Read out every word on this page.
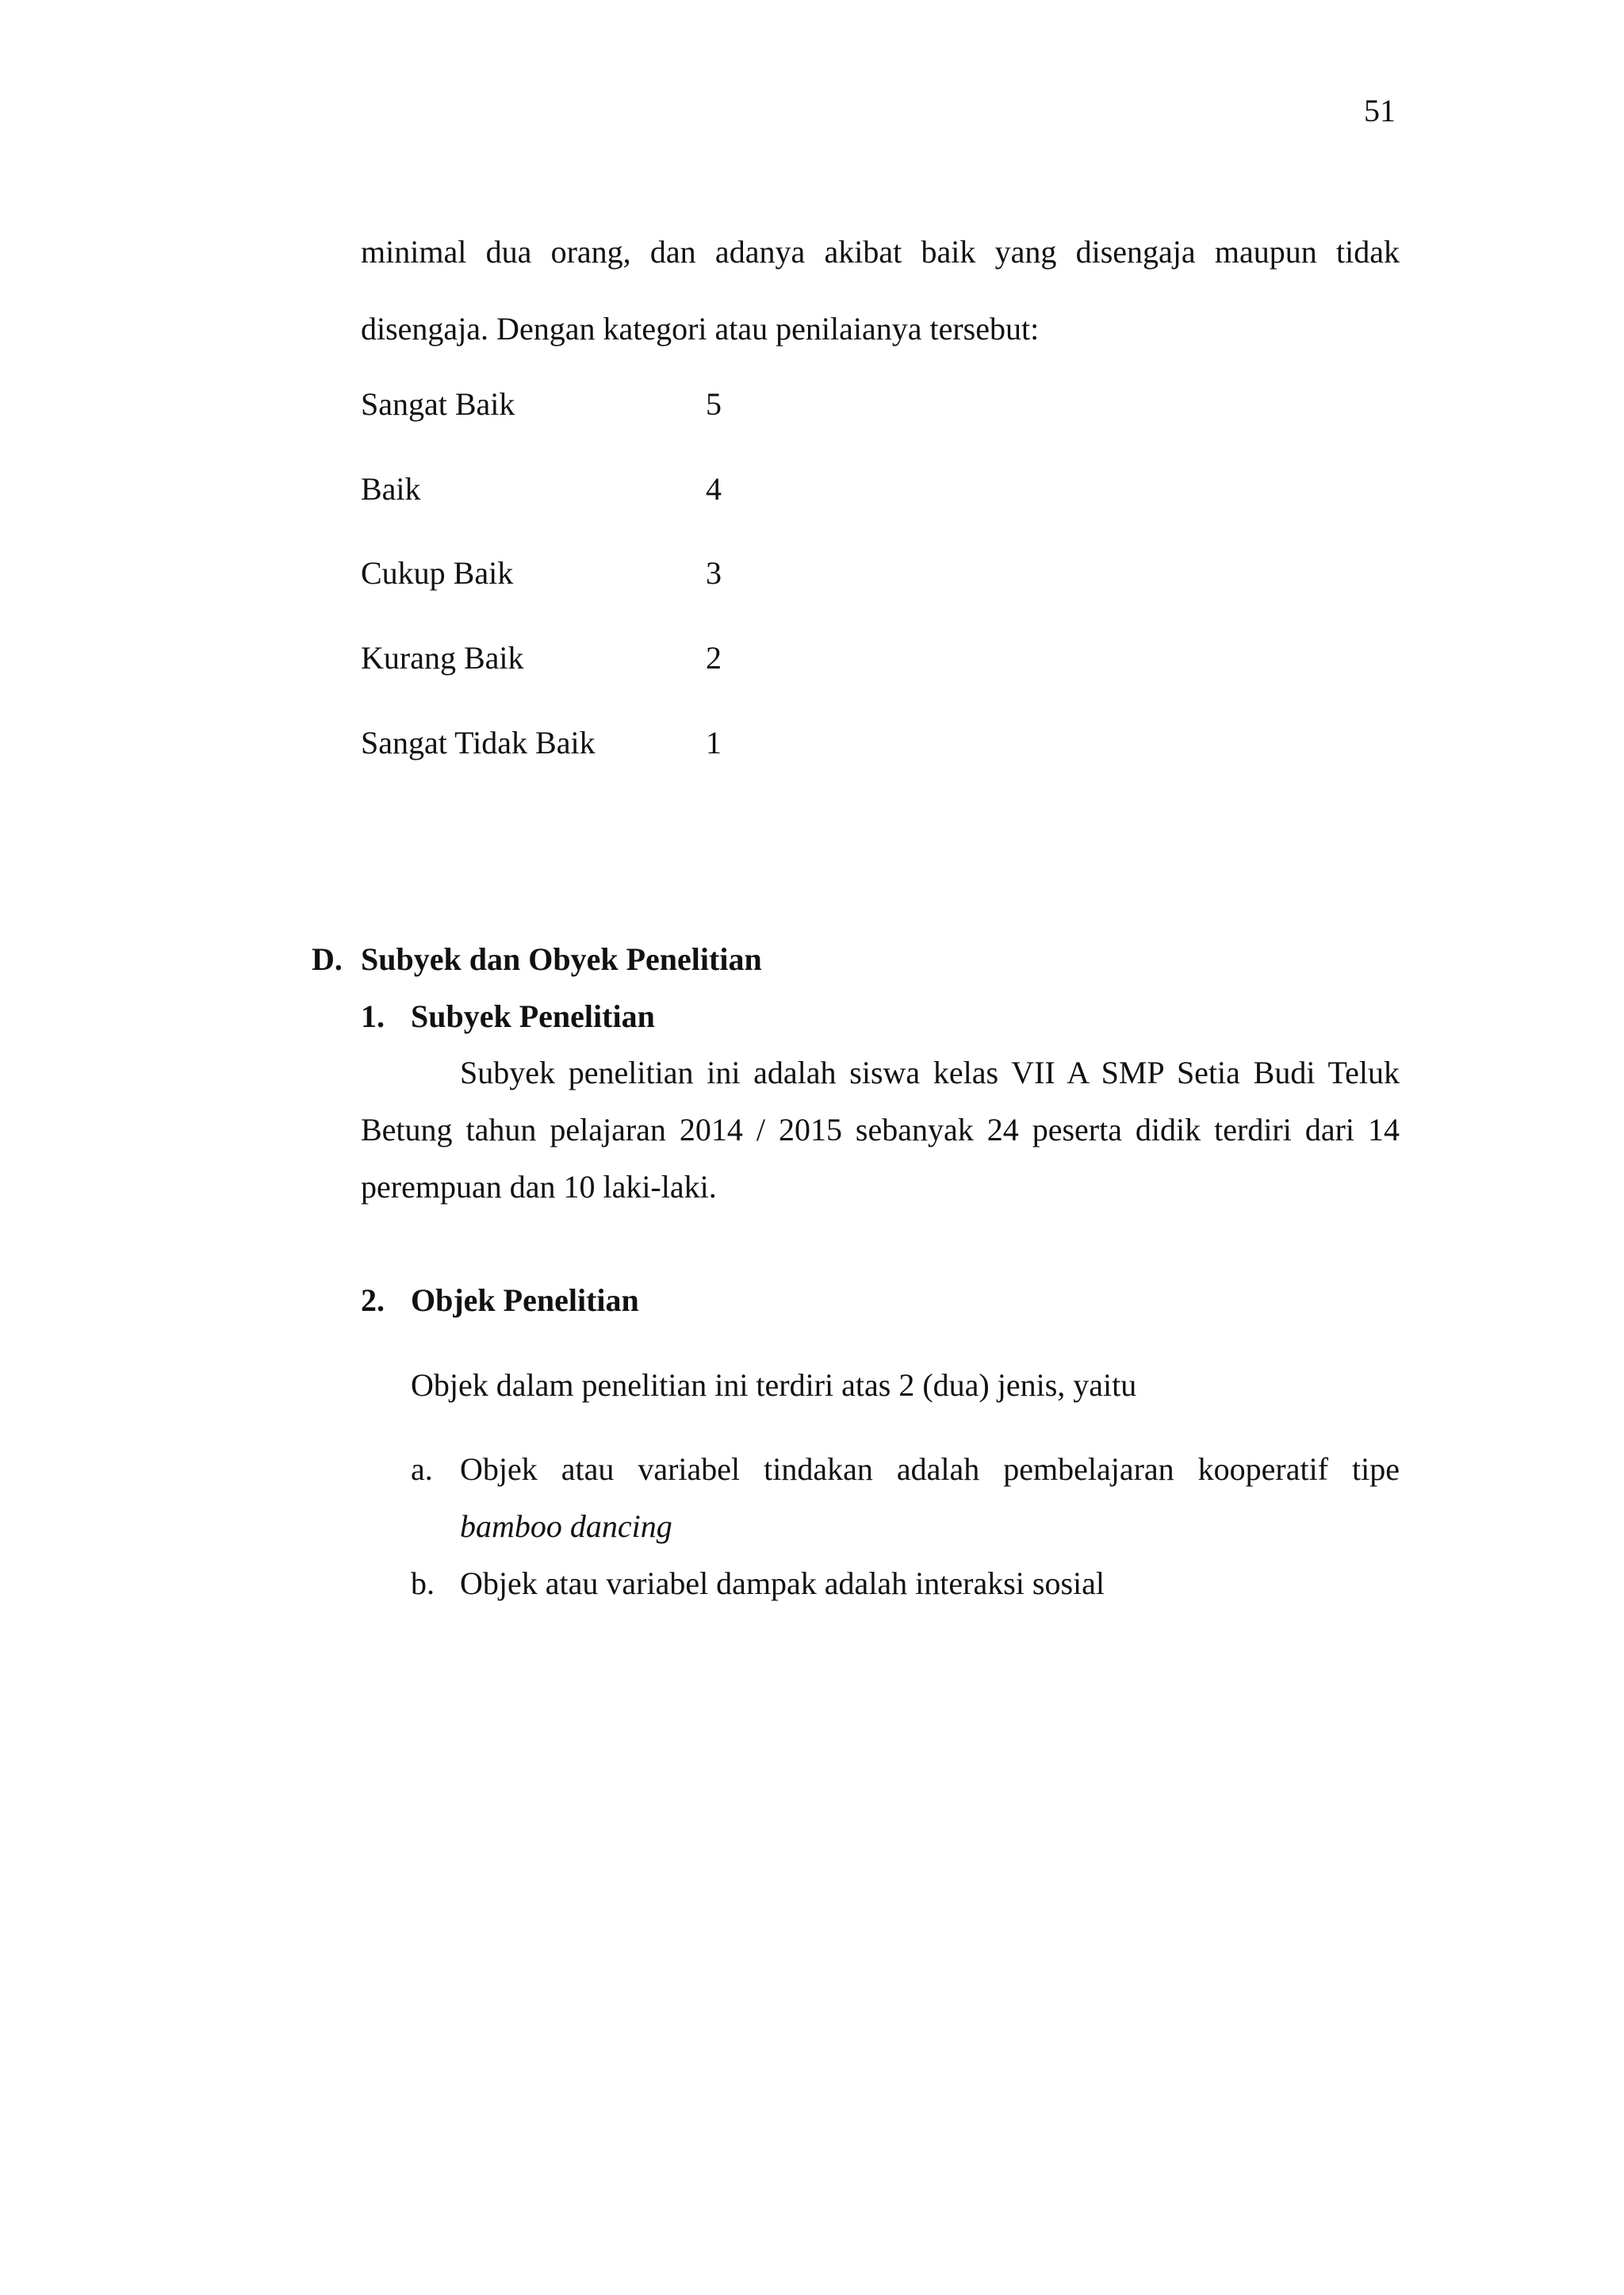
51
minimal dua orang, dan adanya akibat baik yang disengaja maupun tidak
disengaja. Dengan kategori atau penilaianya tersebut:
Sangat Baik	5
Baik	4
Cukup Baik	3
Kurang Baik	2
Sangat Tidak Baik	1
D. Subyek dan Obyek Penelitian
1. Subyek Penelitian
Subyek penelitian ini adalah siswa kelas VII A SMP Setia Budi Teluk
Betung tahun pelajaran 2014 / 2015 sebanyak 24 peserta didik terdiri dari 14
perempuan dan 10 laki-laki.
2. Objek Penelitian
Objek dalam penelitian ini terdiri atas 2 (dua) jenis, yaitu
a. Objek atau variabel tindakan adalah pembelajaran kooperatif tipe
bamboo dancing
b. Objek atau variabel dampak adalah interaksi sosial
